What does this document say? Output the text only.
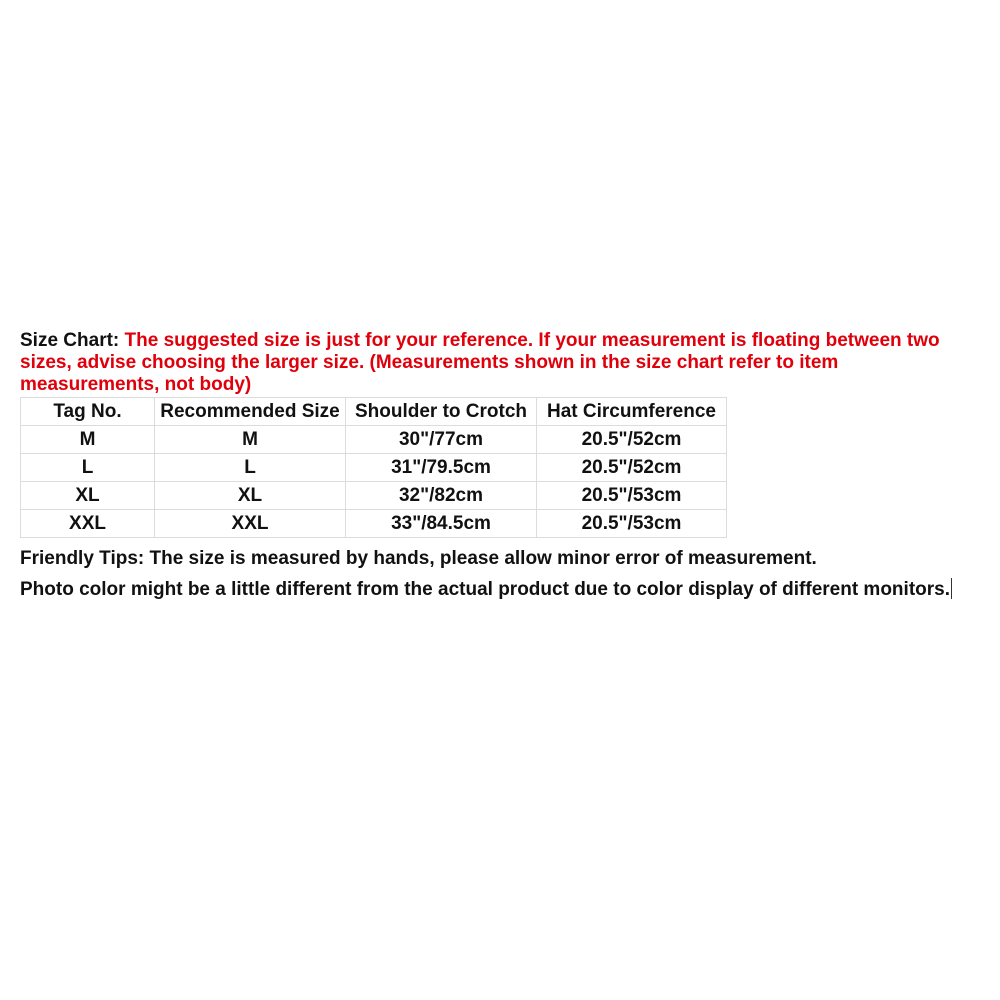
Size Chart: The suggested size is just for your reference. If your measurement is floating between two sizes, advise choosing the larger size. (Measurements shown in the size chart refer to item measurements, not body)

Tag No.	Recommended Size	Shoulder to Crotch	Hat Circumference
M	M	30"/77cm	20.5"/52cm
L	L	31"/79.5cm	20.5"/52cm
XL	XL	32"/82cm	20.5"/53cm
XXL	XXL	33"/84.5cm	20.5"/53cm

Friendly Tips: The size is measured by hands, please allow minor error of measurement.

Photo color might be a little different from the actual product due to color display of different monitors.
